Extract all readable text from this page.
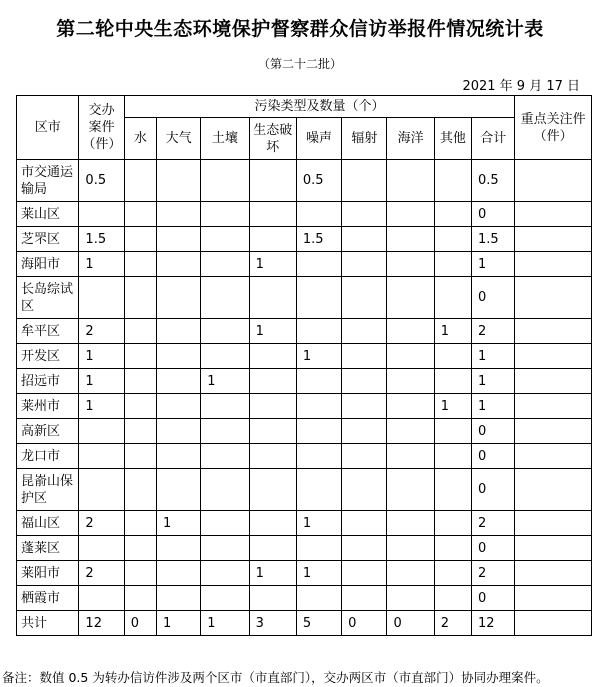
第二轮中央生态环境保护督察群众信访举报件情况统计表
（第二十二批）
2021 年 9 月 17 日
区市	交办案件（件）	污染类型及数量（个）									重点关注件（件）
		水	大气	土壤	生态破坏	噪声	辐射	海洋	其他	合计	
市交通运输局	0.5					0.5				0.5	
莱山区										0	
芝罘区	1.5					1.5				1.5	
海阳市	1				1					1	
长岛综试区										0	
牟平区	2				1				1	2	
开发区	1					1				1	
招远市	1			1						1	
莱州市	1								1	1	
高新区										0	
龙口市										0	
昆嵛山保护区										0	
福山区	2		1			1				2	
蓬莱区										0	
莱阳市	2				1	1				2	
栖霞市										0	
共计	12	0	1	1	3	5	0	0	2	12	
备注：数值 0.5 为转办信访件涉及两个区市（市直部门），交办两区市（市直部门）协同办理案件。
